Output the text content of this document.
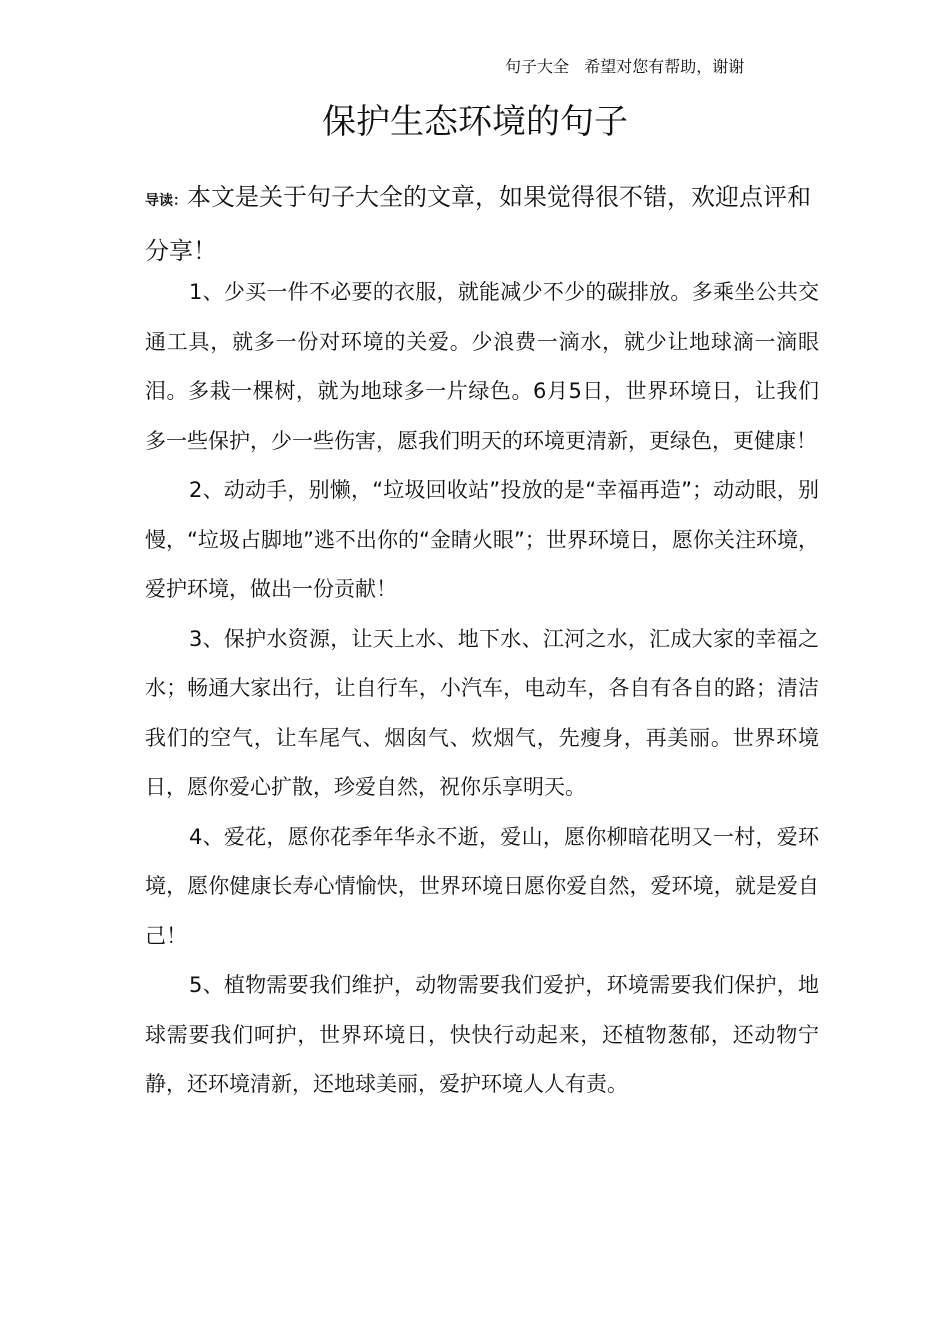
句子大全   希望对您有帮助，谢谢
保护生态环境的句子

导读：本文是关于句子大全的文章，如果觉得很不错，欢迎点评和分享！

1、少买一件不必要的衣服，就能减少不少的碳排放。多乘坐公共交通工具，就多一份对环境的关爱。少浪费一滴水，就少让地球滴一滴眼泪。多栽一棵树，就为地球多一片绿色。6月5日，世界环境日，让我们多一些保护，少一些伤害，愿我们明天的环境更清新，更绿色，更健康！

2、动动手，别懒，“垃圾回收站”投放的是“幸福再造”；动动眼，别慢，“垃圾占脚地”逃不出你的“金睛火眼”；世界环境日，愿你关注环境，爱护环境，做出一份贡献！

3、保护水资源，让天上水、地下水、江河之水，汇成大家的幸福之水；畅通大家出行，让自行车，小汽车，电动车，各自有各自的路；清洁我们的空气，让车尾气、烟囱气、炊烟气，先瘦身，再美丽。世界环境日，愿你爱心扩散，珍爱自然，祝你乐享明天。

4、爱花，愿你花季年华永不逝，爱山，愿你柳暗花明又一村，爱环境，愿你健康长寿心情愉快，世界环境日愿你爱自然，爱环境，就是爱自己！

5、植物需要我们维护，动物需要我们爱护，环境需要我们保护，地球需要我们呵护，世界环境日，快快行动起来，还植物葱郁，还动物宁静，还环境清新，还地球美丽，爱护环境人人有责。
